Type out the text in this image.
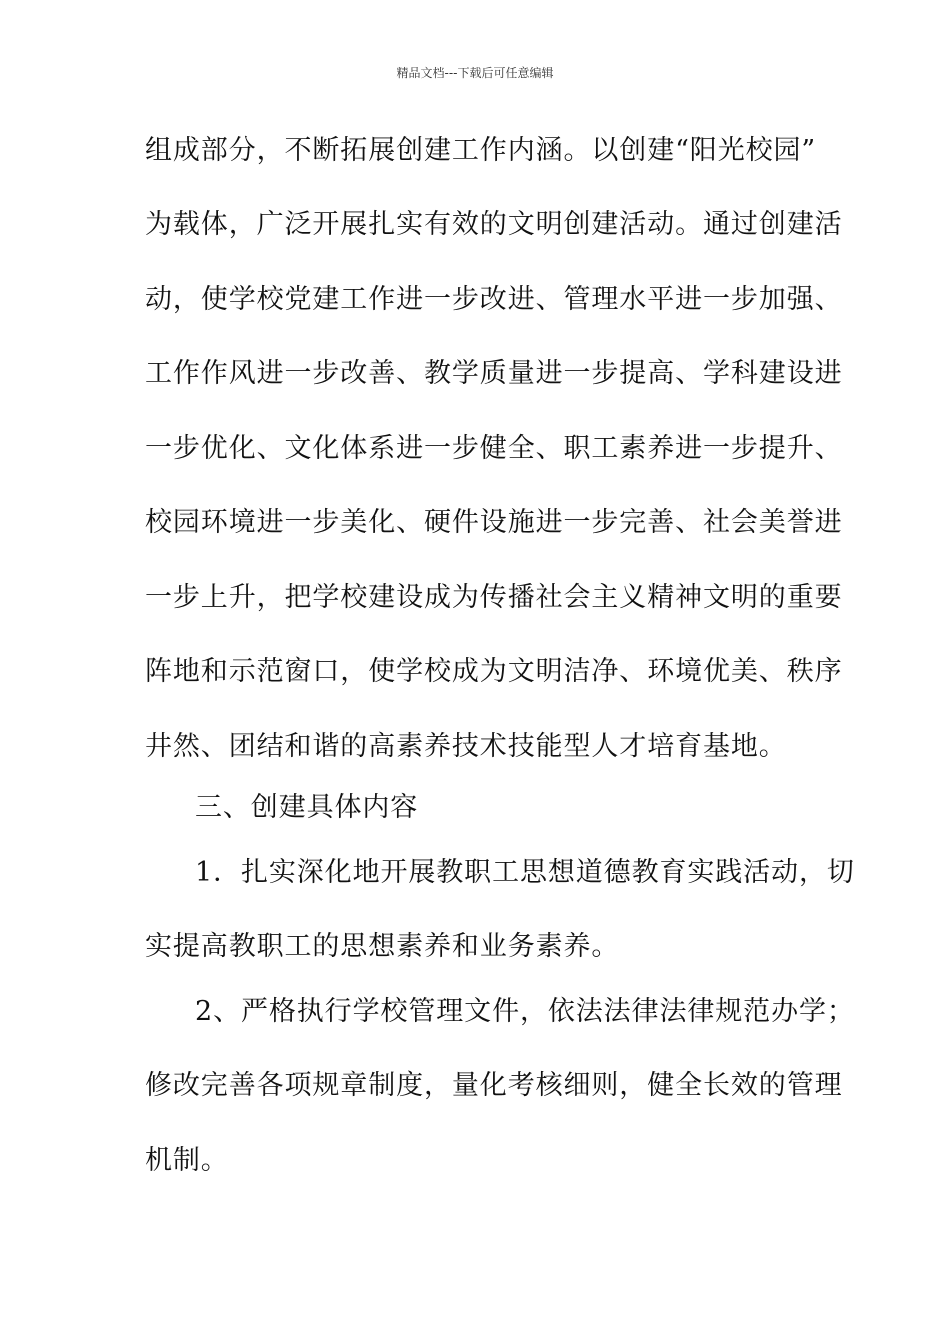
精品文档---下载后可任意编辑
组成部分，不断拓展创建工作内涵。以创建“阳光校园”
为载体，广泛开展扎实有效的文明创建活动。通过创建活
动，使学校党建工作进一步改进、管理水平进一步加强、
工作作风进一步改善、教学质量进一步提高、学科建设进
一步优化、文化体系进一步健全、职工素养进一步提升、
校园环境进一步美化、硬件设施进一步完善、社会美誉进
一步上升，把学校建设成为传播社会主义精神文明的重要
阵地和示范窗口，使学校成为文明洁净、环境优美、秩序
井然、团结和谐的高素养技术技能型人才培育基地。
三、创建具体内容
1．扎实深化地开展教职工思想道德教育实践活动，切
实提高教职工的思想素养和业务素养。
2、严格执行学校管理文件，依法法律法律规范办学；
修改完善各项规章制度，量化考核细则，健全长效的管理
机制。
